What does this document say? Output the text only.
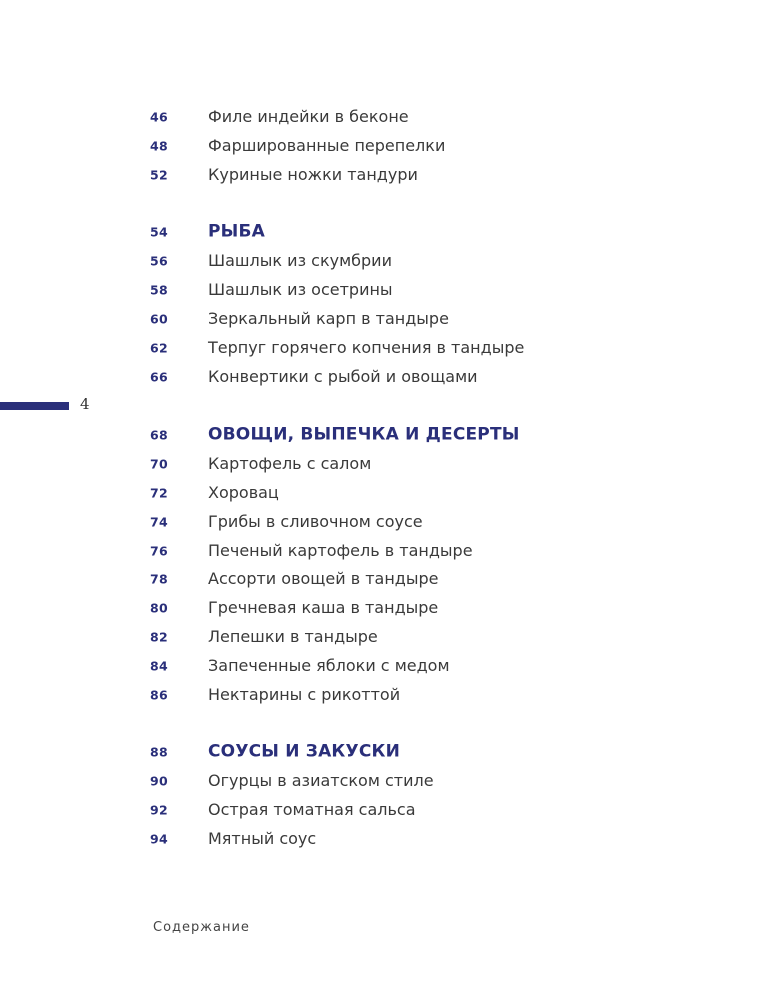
4
46	Филе индейки в беконе
48	Фаршированные перепелки
52	Куриные ножки тандури
54 РЫБА
56	Шашлык из скумбрии
58	Шашлык из осетрины
60	Зеркальный карп в тандыре
62	Терпуг горячего копчения в тандыре
66	Конвертики с рыбой и овощами
68 ОВОЩИ, ВЫПЕЧКА И ДЕСЕРТЫ
70	Картофель с салом
72	Хоровац
74	Грибы в сливочном соусе
76	Печеный картофель в тандыре
78	Ассорти овощей в тандыре
80	Гречневая каша в тандыре
82	Лепешки в тандыре
84	Запеченные яблоки с медом
86	Нектарины с рикоттой
88 СОУСЫ И ЗАКУСКИ
90	Огурцы в азиатском стиле
92	Острая томатная сальса
94	Мятный соус
Содержание
